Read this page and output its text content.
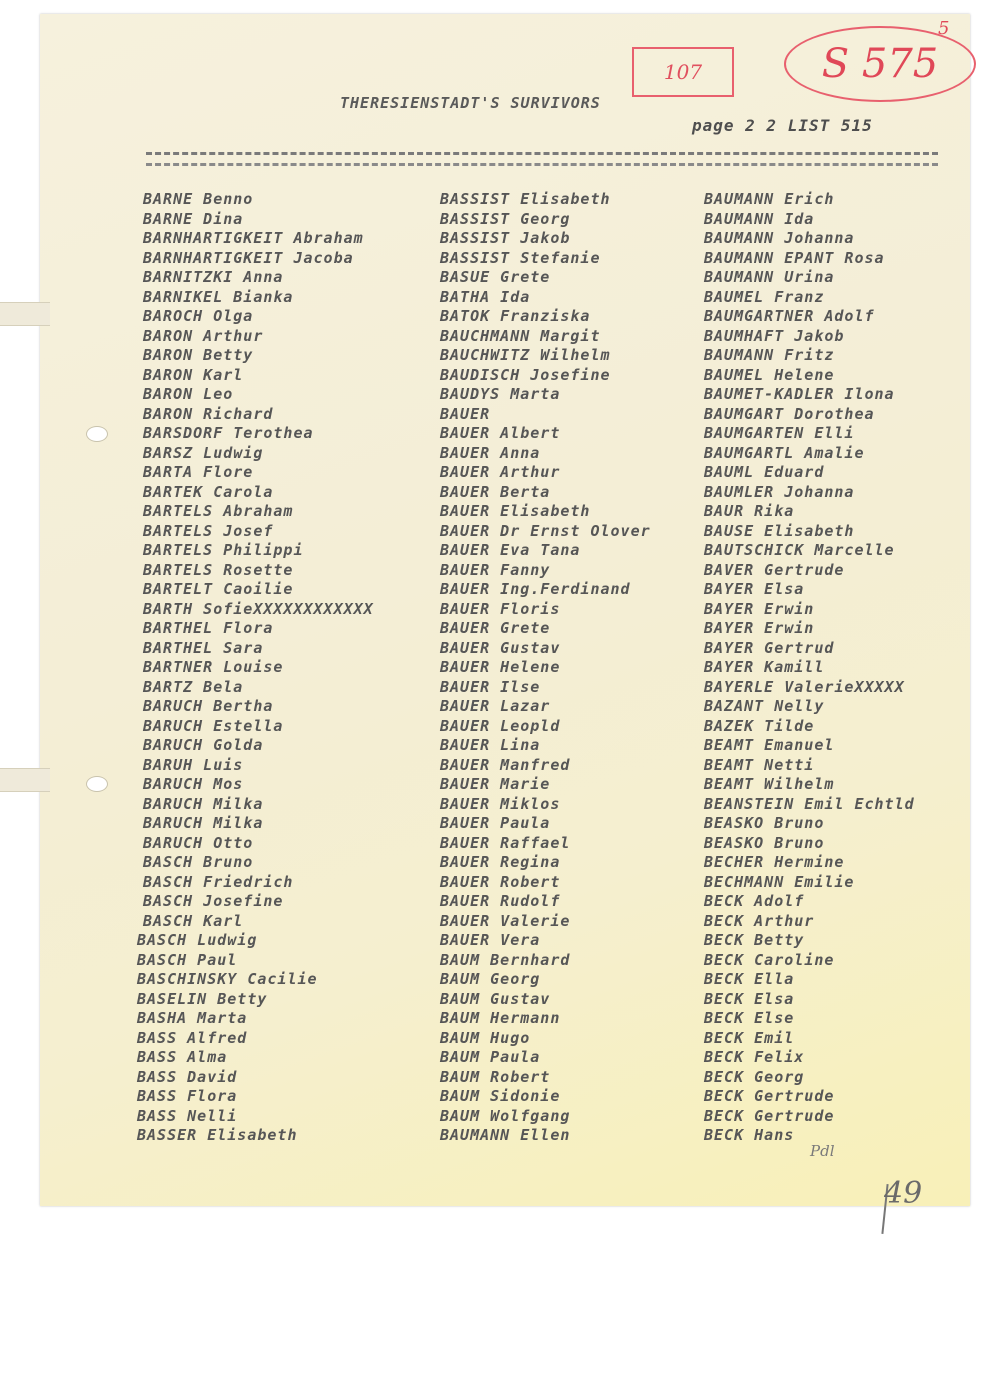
107	S 575
5
THERESIENSTADT'S SURVIVORS
page 2 2 LIST 515
BARNE Benno
BARNE Dina
BARNHARTIGKEIT Abraham
BARNHARTIGKEIT Jacoba
BARNITZKI Anna
BARNIKEL Bianka
BAROCH Olga
BARON Arthur
BARON Betty
BARON Karl
BARON Leo
BARON Richard
BARSDORF Terothea
BARSZ Ludwig
BARTA Flore
BARTEK Carola
BARTELS Abraham
BARTELS Josef
BARTELS Philippi
BARTELS Rosette
BARTELT Caoilie
BARTH SofieXXXXXXXXXXXX
BARTHEL Flora
BARTHEL Sara
BARTNER Louise
BARTZ Bela
BARUCH Bertha
BARUCH Estella
BARUCH Golda
BARUH Luis
BARUCH Mos
BARUCH Milka
BARUCH Milka
BARUCH Otto
BASCH Bruno
BASCH Friedrich
BASCH Josefine
BASCH Karl
BASCH Ludwig
BASCH Paul
BASCHINSKY Cacilie
BASELIN Betty
BASHA Marta
BASS Alfred
BASS Alma
BASS David
BASS Flora
BASS Nelli
BASSER Elisabeth
BASSIST Elisabeth
BASSIST Georg
BASSIST Jakob
BASSIST Stefanie
BASUE Grete
BATHA Ida
BATOK Franziska
BAUCHMANN Margit
BAUCHWITZ Wilhelm
BAUDISCH Josefine
BAUDYS Marta
BAUER
BAUER Albert
BAUER Anna
BAUER Arthur
BAUER Berta
BAUER Elisabeth
BAUER Dr Ernst Olover
BAUER Eva Tana
BAUER Fanny
BAUER Ing.Ferdinand
BAUER Floris
BAUER Grete
BAUER Gustav
BAUER Helene
BAUER Ilse
BAUER Lazar
BAUER Leopld
BAUER Lina
BAUER Manfred
BAUER Marie
BAUER Miklos
BAUER Paula
BAUER Raffael
BAUER Regina
BAUER Robert
BAUER Rudolf
BAUER Valerie
BAUER Vera
BAUM Bernhard
BAUM Georg
BAUM Gustav
BAUM Hermann
BAUM Hugo
BAUM Paula
BAUM Robert
BAUM Sidonie
BAUM Wolfgang
BAUMANN Ellen
BAUMANN Erich
BAUMANN Ida
BAUMANN Johanna
BAUMANN EPANT Rosa
BAUMANN Urina
BAUMEL Franz
BAUMGARTNER Adolf
BAUMHAFT Jakob
BAUMANN Fritz
BAUMEL Helene
BAUMET-KADLER Ilona
BAUMGART Dorothea
BAUMGARTEN Elli
BAUMGARTL Amalie
BAUML Eduard
BAUMLER Johanna
BAUR Rika
BAUSE Elisabeth
BAUTSCHICK Marcelle
BAVER Gertrude
BAYER Elsa
BAYER Erwin
BAYER Erwin
BAYER Gertrud
BAYER Kamill
BAYERLE ValerieXXXXX
BAZANT Nelly
BAZEK Tilde
BEAMT Emanuel
BEAMT Netti
BEAMT Wilhelm
BEANSTEIN Emil Echtld
BEASKO Bruno
BEASKO Bruno
BECHER Hermine
BECHMANN Emilie
BECK Adolf
BECK Arthur
BECK Betty
BECK Caroline
BECK Ella
BECK Elsa
BECK Else
BECK Emil
BECK Felix
BECK Georg
BECK Gertrude
BECK Gertrude
BECK Hans
Pdl
49
